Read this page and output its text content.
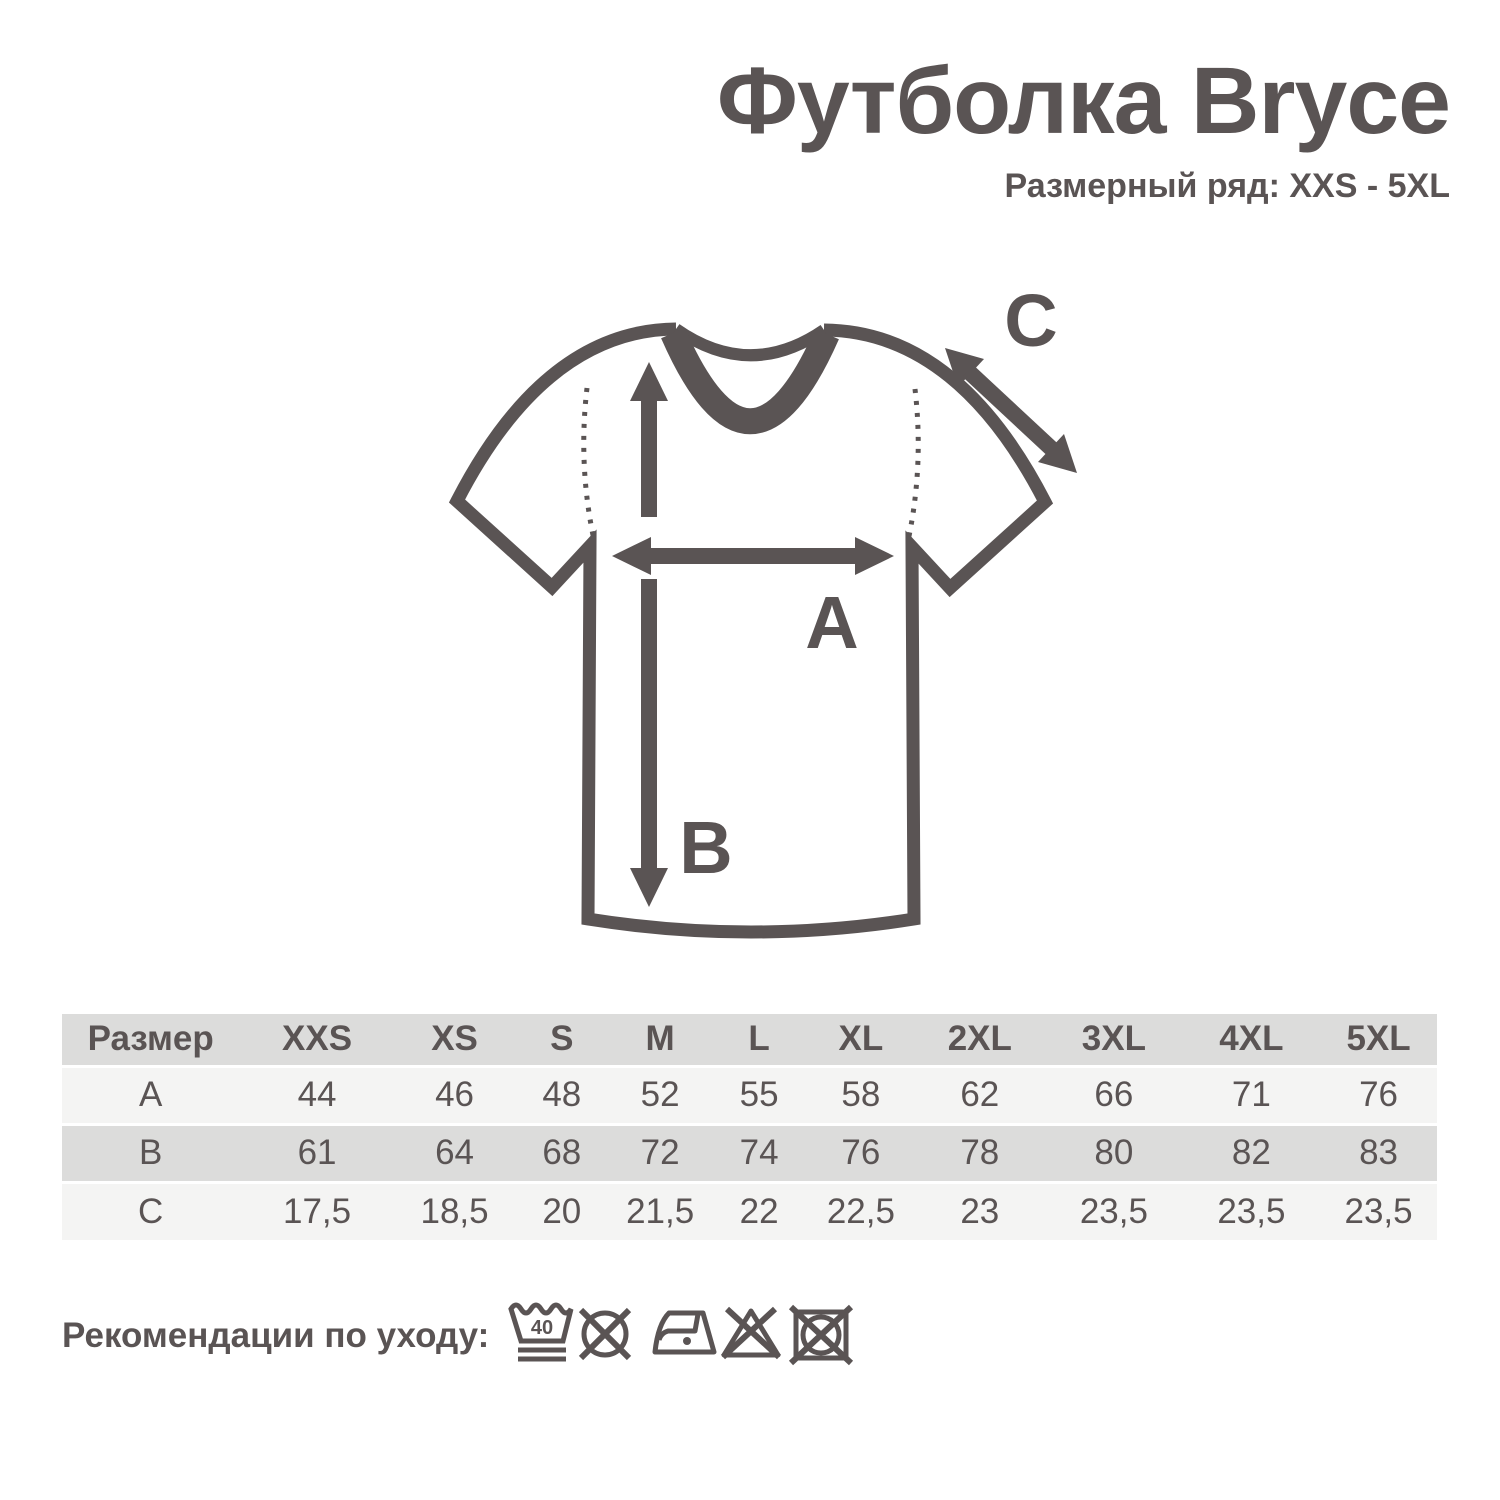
Футболка Bryce
Размерный ряд: XXS - 5XL
A
B
C
Размер	XXS	XS	S	M	L	XL	2XL	3XL	4XL	5XL
A	44	46	48	52	55	58	62	66	71	76
B	61	64	68	72	74	76	78	80	82	83
C	17,5	18,5	20	21,5	22	22,5	23	23,5	23,5	23,5
Рекомендации по уходу: 40
